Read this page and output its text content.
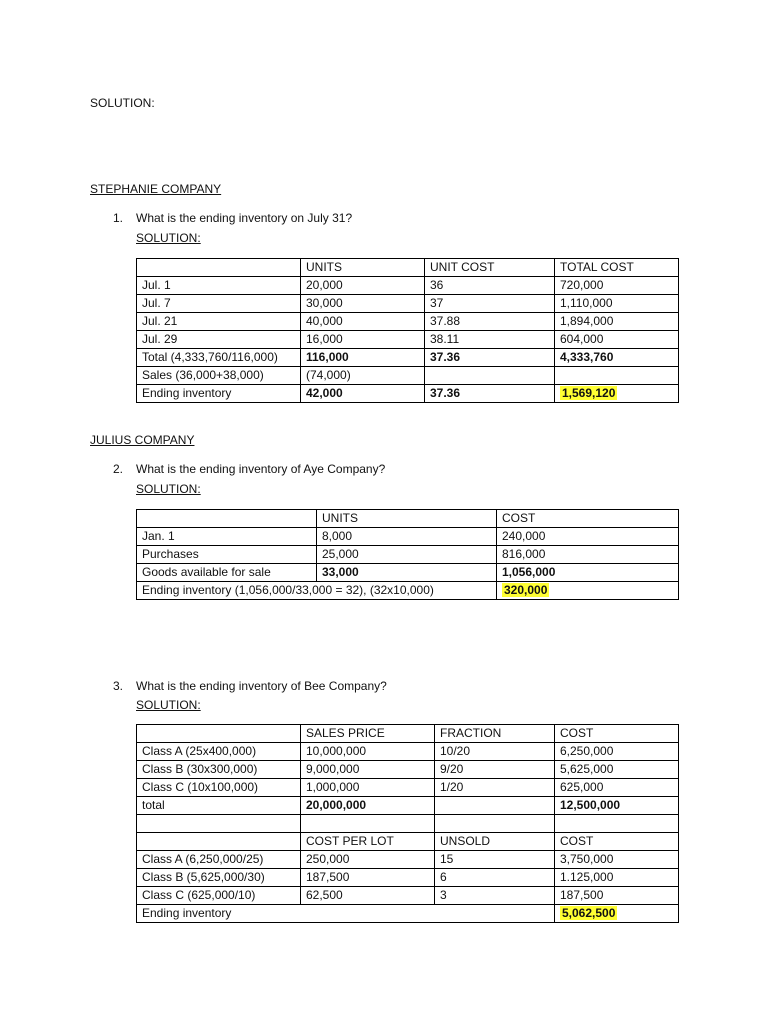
SOLUTION:
STEPHANIE COMPANY
1. What is the ending inventory on July 31?
SOLUTION:
	UNITS	UNIT COST	TOTAL COST
Jul. 1	20,000	36	720,000
Jul. 7	30,000	37	1,110,000
Jul. 21	40,000	37.88	1,894,000
Jul. 29	16,000	38.11	604,000
Total (4,333,760/116,000)	116,000	37.36	4,333,760
Sales (36,000+38,000)	(74,000)		
Ending inventory	42,000	37.36	1,569,120
JULIUS COMPANY
2. What is the ending inventory of Aye Company?
SOLUTION:
	UNITS	COST
Jan. 1	8,000	240,000
Purchases	25,000	816,000
Goods available for sale	33,000	1,056,000
Ending inventory (1,056,000/33,000 = 32), (32x10,000)		320,000
3. What is the ending inventory of Bee Company?
SOLUTION:
	SALES PRICE	FRACTION	COST
Class A (25x400,000)	10,000,000	10/20	6,250,000
Class B (30x300,000)	9,000,000	9/20	5,625,000
Class C (10x100,000)	1,000,000	1/20	625,000
total	20,000,000		12,500,000

	COST PER LOT	UNSOLD	COST
Class A (6,250,000/25)	250,000	15	3,750,000
Class B (5,625,000/30)	187,500	6	1.125,000
Class C (625,000/10)	62,500	3	187,500
Ending inventory			5,062,500
